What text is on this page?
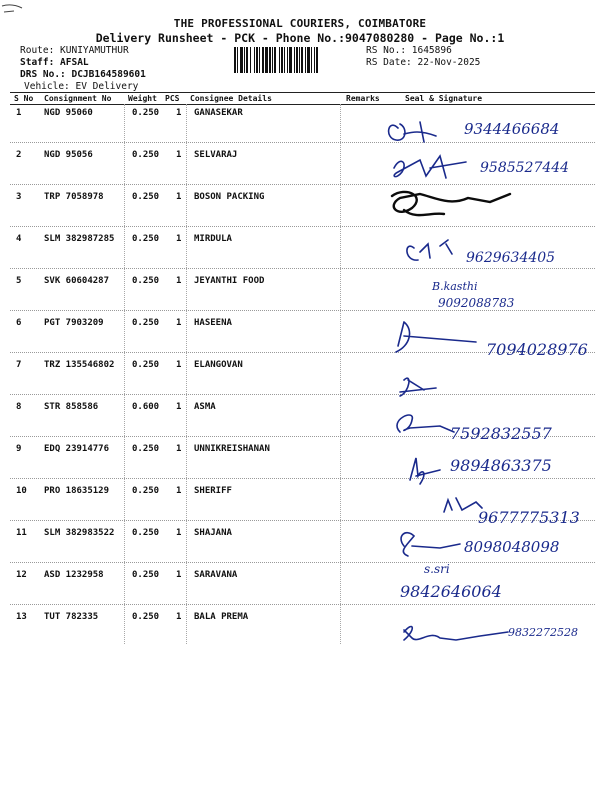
THE PROFESSIONAL COURIERS, COIMBATORE
Delivery Runsheet - PCK - Phone No.:9047080280 - Page No.:1
Route: KUNIYAMUTHUR
Staff: AFSAL
DRS No.: DCJB164589601
Vehicle: EV Delivery
RS No.: 1645896
RS Date: 22-Nov-2025
S No Consignment No Weight PCS Consignee Details	Remarks	Seal & Signature
1	NGD 95060	0.250 1 GANASEKAR
2	NGD 95056	0.250 1 SELVARAJ
3	TRP 7058978	0.250 1 BOSON PACKING
4	SLM 382987285 0.250 1 MIRDULA
5	SVK 60604287	0.250 1 JEYANTHI FOOD
6	PGT 7903209	0.250 1 HASEENA
7	TRZ 135546802 0.250 1 ELANGOVAN
8	STR 858586	0.600 1 ASMA
9	EDQ 23914776	0.250 1 UNNIKREISHANAN
10 PRO 18635129	0.250 1 SHERIFF
11 SLM 382983522 0.250 1 SHAJANA
12 ASD 1232958	0.250 1 SARAVANA
13 TUT 782335	0.250 1 BALA PREMA
9344466684
9585527444
9629634405
B.kasthi
9092088783
7094028976
7592832557
9894863375
9677775313
8098048098
s.sri
9842646064
9832272528
